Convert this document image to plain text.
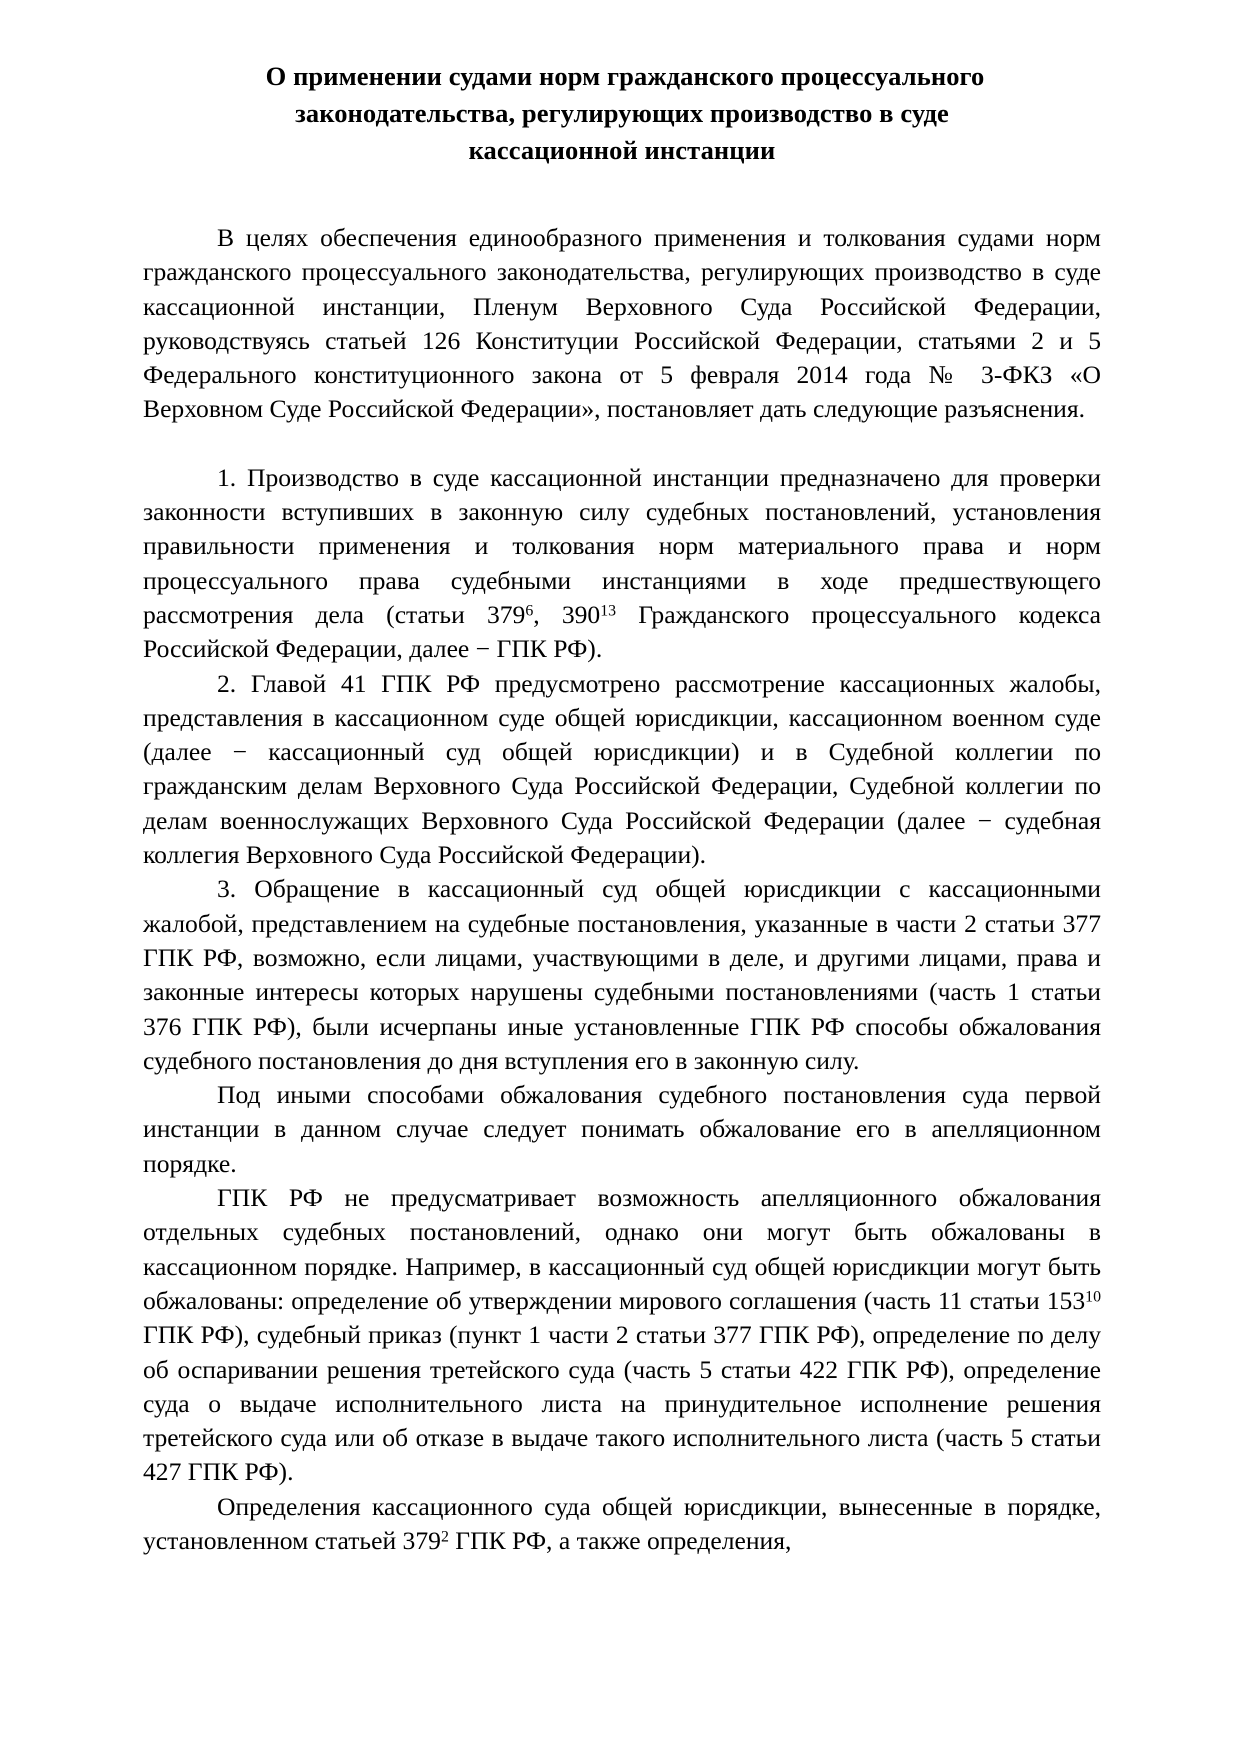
О применении судами норм гражданского процессуального
законодательства, регулирующих производство в суде
кассационной инстанции

В целях обеспечения единообразного применения и толкования судами норм гражданского процессуального законодательства, регулирующих производство в суде кассационной инстанции, Пленум Верховного Суда Российской Федерации, руководствуясь статьей 126 Конституции Российской Федерации, статьями 2 и 5 Федерального конституционного закона от 5 февраля 2014 года № 3-ФКЗ «О Верховном Суде Российской Федерации», постановляет дать следующие разъяснения.

1. Производство в суде кассационной инстанции предназначено для проверки законности вступивших в законную силу судебных постановлений, установления правильности применения и толкования норм материального права и норм процессуального права судебными инстанциями в ходе предшествующего рассмотрения дела (статьи $379^6$, $390^{13}$ Гражданского процессуального кодекса Российской Федерации, далее − ГПК РФ).

2. Главой 41 ГПК РФ предусмотрено рассмотрение кассационных жалобы, представления в кассационном суде общей юрисдикции, кассационном военном суде (далее − кассационный суд общей юрисдикции) и в Судебной коллегии по гражданским делам Верховного Суда Российской Федерации, Судебной коллегии по делам военнослужащих Верховного Суда Российской Федерации (далее − судебная коллегия Верховного Суда Российской Федерации).

3. Обращение в кассационный суд общей юрисдикции с кассационными жалобой, представлением на судебные постановления, указанные в части 2 статьи 377 ГПК РФ, возможно, если лицами, участвующими в деле, и другими лицами, права и законные интересы которых нарушены судебными постановлениями (часть 1 статьи 376 ГПК РФ), были исчерпаны иные установленные ГПК РФ способы обжалования судебного постановления до дня вступления его в законную силу.

Под иными способами обжалования судебного постановления суда первой инстанции в данном случае следует понимать обжалование его в апелляционном порядке.

ГПК РФ не предусматривает возможность апелляционного обжалования отдельных судебных постановлений, однако они могут быть обжалованы в кассационном порядке. Например, в кассационный суд общей юрисдикции могут быть обжалованы: определение об утверждении мирового соглашения (часть 11 статьи $153^{10}$ ГПК РФ), судебный приказ (пункт 1 части 2 статьи 377 ГПК РФ), определение по делу об оспаривании решения третейского суда (часть 5 статьи 422 ГПК РФ), определение суда о выдаче исполнительного листа на принудительное исполнение решения третейского суда или об отказе в выдаче такого исполнительного листа (часть 5 статьи 427 ГПК РФ).

Определения кассационного суда общей юрисдикции, вынесенные в порядке, установленном статьей $379^2$ ГПК РФ, а также определения,
